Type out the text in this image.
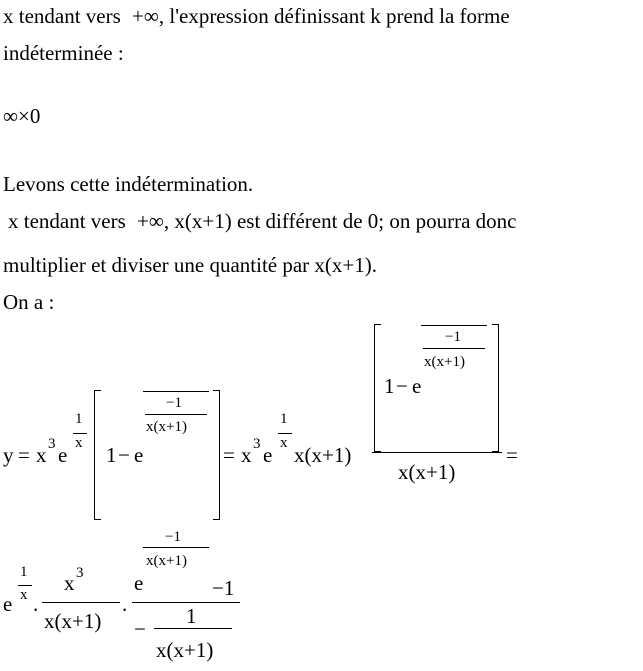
x tendant vers +∞, l'expression définissant k prend la forme
indéterminée :
∞×0
Levons cette indétermination.
x tendant vers +∞, x(x+1) est différent de 0; on pourra donc
multiplier et diviser une quantité par x(x+1).
On a :
y = x 3 e
1
x 1 − e
−1
x(x+1)
= x 3 e
1
x x(x+1)
1 − e
−1
x(x+1)
x(x+1)
=
e
1
x .
x 3
x(x+1)
.
e
−1
x(x+1)
−1
−
1
x(x+1)
